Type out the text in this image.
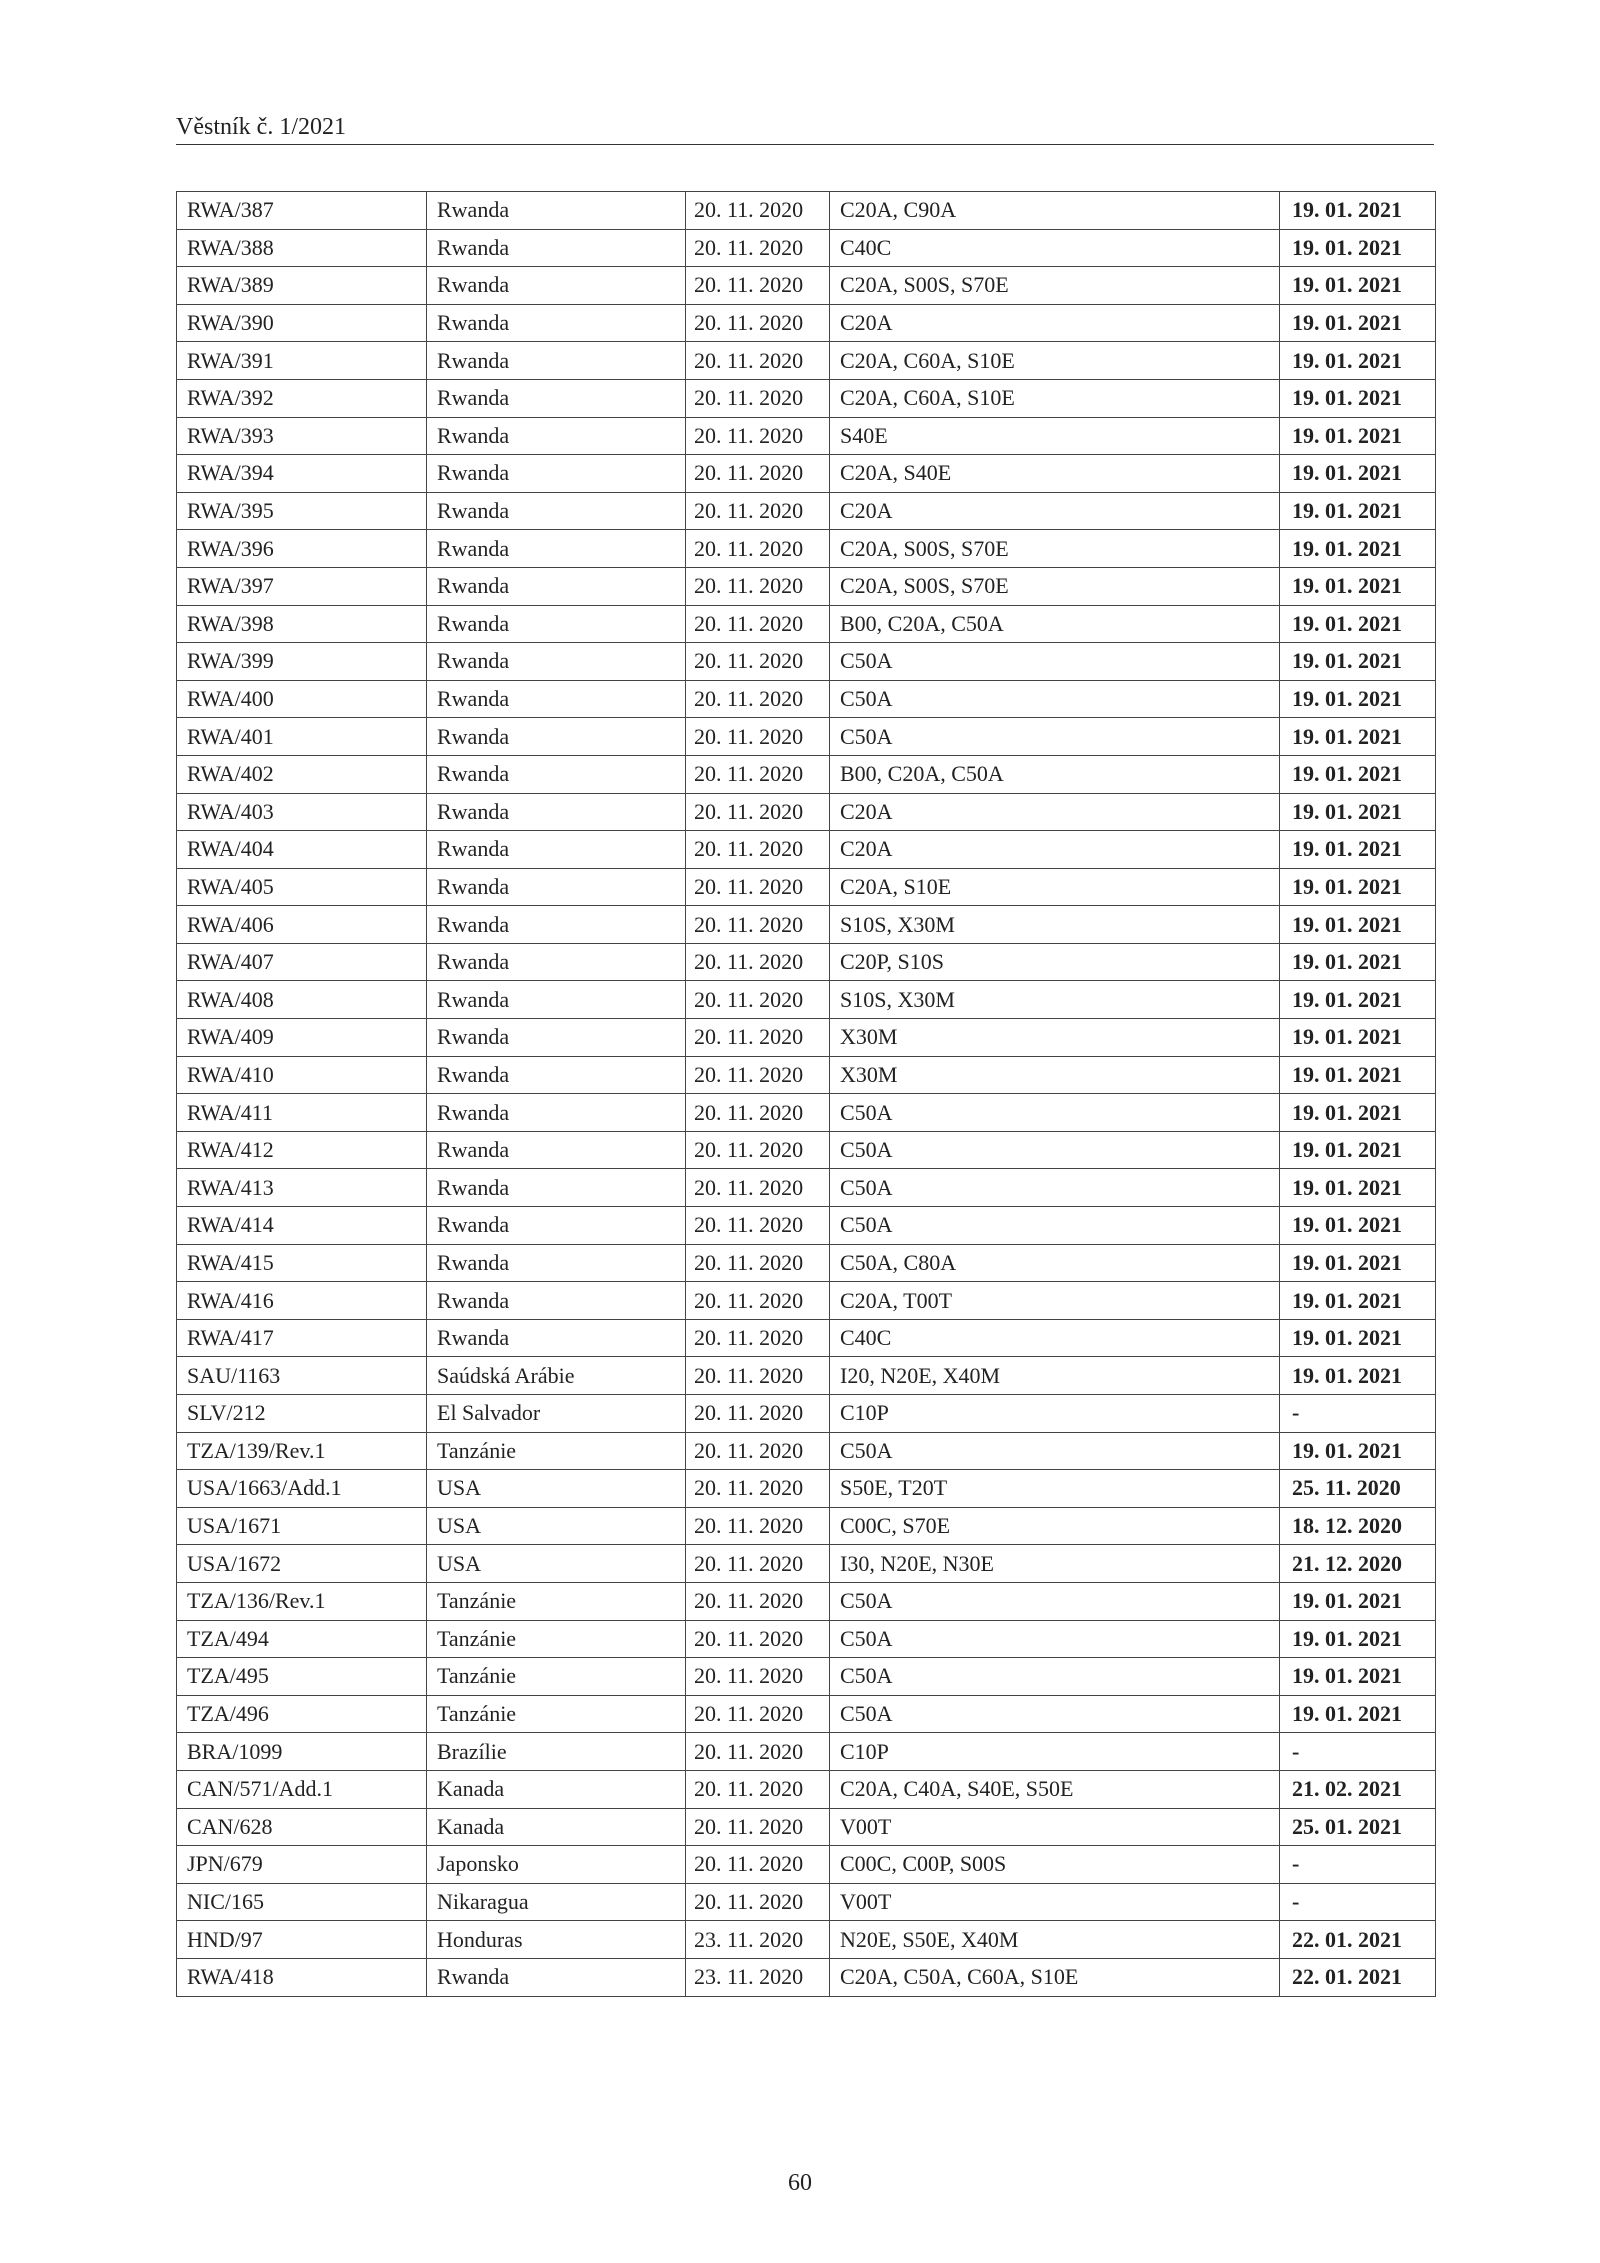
Věstník č. 1/2021
RWA/387	Rwanda	20. 11. 2020	C20A, C90A	19. 01. 2021
RWA/388	Rwanda	20. 11. 2020	C40C	19. 01. 2021
RWA/389	Rwanda	20. 11. 2020	C20A, S00S, S70E	19. 01. 2021
RWA/390	Rwanda	20. 11. 2020	C20A	19. 01. 2021
RWA/391	Rwanda	20. 11. 2020	C20A, C60A, S10E	19. 01. 2021
RWA/392	Rwanda	20. 11. 2020	C20A, C60A, S10E	19. 01. 2021
RWA/393	Rwanda	20. 11. 2020	S40E	19. 01. 2021
RWA/394	Rwanda	20. 11. 2020	C20A, S40E	19. 01. 2021
RWA/395	Rwanda	20. 11. 2020	C20A	19. 01. 2021
RWA/396	Rwanda	20. 11. 2020	C20A, S00S, S70E	19. 01. 2021
RWA/397	Rwanda	20. 11. 2020	C20A, S00S, S70E	19. 01. 2021
RWA/398	Rwanda	20. 11. 2020	B00, C20A, C50A	19. 01. 2021
RWA/399	Rwanda	20. 11. 2020	C50A	19. 01. 2021
RWA/400	Rwanda	20. 11. 2020	C50A	19. 01. 2021
RWA/401	Rwanda	20. 11. 2020	C50A	19. 01. 2021
RWA/402	Rwanda	20. 11. 2020	B00, C20A, C50A	19. 01. 2021
RWA/403	Rwanda	20. 11. 2020	C20A	19. 01. 2021
RWA/404	Rwanda	20. 11. 2020	C20A	19. 01. 2021
RWA/405	Rwanda	20. 11. 2020	C20A, S10E	19. 01. 2021
RWA/406	Rwanda	20. 11. 2020	S10S, X30M	19. 01. 2021
RWA/407	Rwanda	20. 11. 2020	C20P, S10S	19. 01. 2021
RWA/408	Rwanda	20. 11. 2020	S10S, X30M	19. 01. 2021
RWA/409	Rwanda	20. 11. 2020	X30M	19. 01. 2021
RWA/410	Rwanda	20. 11. 2020	X30M	19. 01. 2021
RWA/411	Rwanda	20. 11. 2020	C50A	19. 01. 2021
RWA/412	Rwanda	20. 11. 2020	C50A	19. 01. 2021
RWA/413	Rwanda	20. 11. 2020	C50A	19. 01. 2021
RWA/414	Rwanda	20. 11. 2020	C50A	19. 01. 2021
RWA/415	Rwanda	20. 11. 2020	C50A, C80A	19. 01. 2021
RWA/416	Rwanda	20. 11. 2020	C20A, T00T	19. 01. 2021
RWA/417	Rwanda	20. 11. 2020	C40C	19. 01. 2021
SAU/1163	Saúdská Arábie	20. 11. 2020	I20, N20E, X40M	19. 01. 2021
SLV/212	El Salvador	20. 11. 2020	C10P	-
TZA/139/Rev.1	Tanzánie	20. 11. 2020	C50A	19. 01. 2021
USA/1663/Add.1	USA	20. 11. 2020	S50E, T20T	25. 11. 2020
USA/1671	USA	20. 11. 2020	C00C, S70E	18. 12. 2020
USA/1672	USA	20. 11. 2020	I30, N20E, N30E	21. 12. 2020
TZA/136/Rev.1	Tanzánie	20. 11. 2020	C50A	19. 01. 2021
TZA/494	Tanzánie	20. 11. 2020	C50A	19. 01. 2021
TZA/495	Tanzánie	20. 11. 2020	C50A	19. 01. 2021
TZA/496	Tanzánie	20. 11. 2020	C50A	19. 01. 2021
BRA/1099	Brazílie	20. 11. 2020	C10P	-
CAN/571/Add.1	Kanada	20. 11. 2020	C20A, C40A, S40E, S50E	21. 02. 2021
CAN/628	Kanada	20. 11. 2020	V00T	25. 01. 2021
JPN/679	Japonsko	20. 11. 2020	C00C, C00P, S00S	-
NIC/165	Nikaragua	20. 11. 2020	V00T	-
HND/97	Honduras	23. 11. 2020	N20E, S50E, X40M	22. 01. 2021
RWA/418	Rwanda	23. 11. 2020	C20A, C50A, C60A, S10E	22. 01. 2021
60
